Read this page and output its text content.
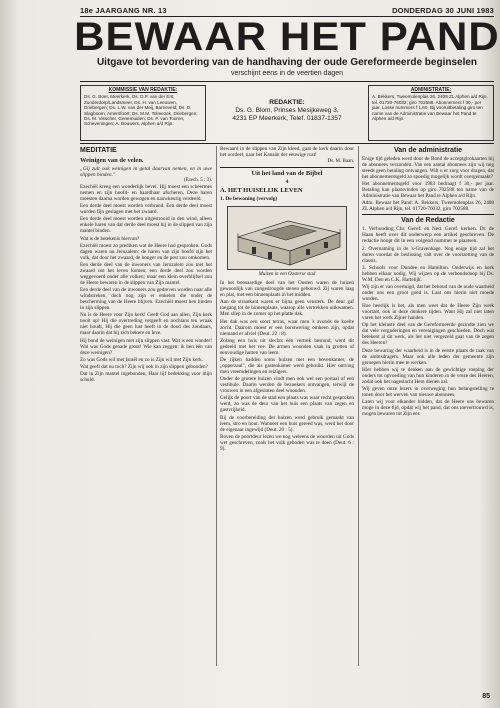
18e JAARGANG NR. 13	DONDERDAG 30 JUNI 1983
BEWAAR HET PAND
Uitgave tot bevordering van de handhaving der oude Gereformeerde beginselen
verschijnt eens in de veertien dagen
KOMMISSIE VAN REDAKTIE:
Ds. G. Boer, Meerkerk, Ds. D.P. van der Ent, Zunderdorp/Landsmeer, Ds. H. van Leeuwen, Driebergen; Ds. L.W. van der Meij, Barneveld; Ds. D. Slagboom, Amersfoort; Ds. M.M. Tolmezek, Driebergen; Ds. M. Visscher, Genemuiden; Ds. P. van Tooren, Scheveningen; A. Bouwers, Alphen a/d Rijn.
REDAKTIE:
Ds. G. Blom, Prinses Mesijkeweg 3,
4231 EP Meerkerk, Telef. 01837-1357
ADMINISTRATIE:
A. Bekkers, Tweemolenplas 26, 2408 ZL Alphen a/d Rijn, tel. 01720-76032; giro 702588. Abonnement f 30,- per jaar. Losse nummers f 1,60. Bij vooruitbetaling giro ten name van de Administratie van Bewaar het Pand te Alphen a/d Rijn.
MEDITATIE
Weinigen van de velen.
„Gij zult ook weinigen in getal daarvan nemen, en in uwe slippen binden."
(Ezech. 5 : 3).

Ezechiël kreeg een wonderlijk bevel. Hij moest een scheermes nemen en zijn hoofd- en baardhaar afscheren. Deze haren moesten daarna worden gewogen en nauwkeurig verdeeld.

Een derde deel moest worden verbrand. Een derde deel moest worden fijn geslagen met het zwaard.

Een derde deel moest worden uitgestrooid in den wind, alleen enkele haren van dat derde deel moest hij in de slippen van zijn mantel binden.

Wat is de betekenis hiervan?

Ezechiël moest zo prediken wat de Heere had gesproken. Gods dagen waren nu Jeruzalem: de haren van zijn hoofd zijn het volk, dat door het zwaard, de honger en de pest zou omkomen.

Een derde deel van de inwoners van Jeruzalem zou met het zwaard om het leven komen; een derde deel zou worden weggevoerd onder alle volken; maar een klein overblijfsel zou de Heere bewaren in de slippen van Zijn mantel.

Een derde deel van de inwoners zou gedreven worden naar alle windstreken, doch nog zijn er enkelen die onder de bescherming van de Heere blijven. Ezechiël moest hen binden in zijn slippen.

Nu is de Heere voor Zijn kerk! Geeft God aan allen, Zijn kerk nooit op! Hij die overtreding vergeeft en nochtans ten wraak niet houdt, Hij die geen lust heeft in de dood des zondaars, maar daarin dat hij zich bekere en leve.

Hij bond de weinigen met zijn slippen vast. Wat is een wonder! Wat was Gods genade groot! Wie kan zeggen: ik ben één van deze weinigen?

Zo was Gods wil met Israël en zo is Zijn wil met Zijn kerk.

Wat geeft dat nu toch? Zijn wij ook in zijn slippen gebonden?

Dat in Zijn mantel ingebonden, Haar lijf bedekking voor mijn schuld.

Bewaard in de slippen van Zijn kleed, gaat de kerk daarin door het oordeel, naar het Kanaän der eeuwige rust!

Ds. M. Baan.
Uit het land van de Bijbel
4
A. HET HUISELIJK LEVEN
1. De bewoning (vervolg)
Muizen in een Oosterse stad

In het boosaardige deel van het Oosten waren de huizen gewoonlijk van zongedroogde stenen gebouwd. Zij waren laag en plat, met een binnenplaats in het midden.

Aan de straatkant waren er bijna geen vensters. De deur gaf toegang tot de binnenplaats, waarop alle vertrekken uitkwamen. Men sliep in de zomer op het platte dak.

Het dak was een soort terras, waar men 's avonds de koelte zocht. Daarom moest er een borstwering omheen zijn, opdat niemand er afviel (Deut. 22 : 8).

Zolang een huis uit slechts één vertrek bestond, werd dit gedeeld met het vee. De armen woonden vaak in grotten of eenvoudige hutten van leem.

De rijken hadden soms huizen met een bovenkamer, de „opperzaal", die als gastenkamer werd gebruikt. Hier ontving men vreemdelingen en reizigers.

Onder de grotere huizen vindt men ook wel een portaal of een vestibule. Daarin werden de bezoekers ontvangen, terwijl de vrouwen in een afgesloten deel woonden.

Gelijk de poort van de stad een plaats was waar recht gesproken werd, zo was de deur van het huis een plaats van zegen en gastvrijheid.

Bij de voorbereiding der huizen werd gebruik gemaakt van leem, stro en hout. Wanneer een huis gereed was, werd het door de eigenaar ingewijd (Deut. 20 : 5).

Boven de poortdeur lezen we nog weleens de woorden uit Gods wet geschreven, zoals het volk geboden was te doen (Deut. 6 : 9).

Van de administratie

Enige tijd geleden werd door de Bond de acceptgirokaarten bij de abonnees verzonden. Van een aantal abonnees zijn wij nog steeds geen betaling ontvangen. Wilt u er zorg voor dragen, dat het abonnementsgeld zo spoedig mogelijk wordt overgemaakt?

Het abonnementsgeld voor 1983 bedraagt f 30,- per jaar. Betaling kan plaatsvinden op giro 702588 ten name van de Administratie van Bewaar het Pand te Alphen a/d Rijn.

Adm. Bewaar het Pand: A. Bekkers, Tweemolenplas 26, 2408 ZL Alphen a/d Rijn, tel. 01720-76032, giro 702588.

Van de Redactie

1. Verhouding Chr. Geref. en Ned. Geref. kerken. Dr. de Haan heeft over dit onderwerp een artikel geschreven. De redactie hoopt dit in een volgend nummer te plaatsen.

2. Overnaming in de 's-Gravenhage. Nog enige tijd zal het duren voordat de beslissing valt over de voortzetting van de classis.

3. Schools voor Dundee en Hamilton. Onderwijs en kerk hebben elkaar nodig. Wij wijzen op de verbondsdoop bij Ds. W.M. Den en C.K. Hartelijk.

Wij zijn er van overtuigd, dat het behoud van de oude waarheid onder ons een groot goed is. Laat ons hierin niet moede worden.

Hoe heerlijk is het, als men weet dat de Heere Zijn werk voortzet, ook in deze donkere tijden. Want Hij zal niet laten varen het werk Zijner handen.

Op het kleinste deel van de Gereformeerde gezindte zien we dat vele vergaderingen en verenigingen geschieden. Doch wat betekent al dit werk, als het niet vergezeld gaat van de zegen des Heeren?

Deze bewaring der waarheid is in de eerste plaats de taak van de ambtsdragers. Maar ook alle leden der gemeente zijn geroepen hierin mee te werken.

Hier hebben wij te denken aan de gewichtige roeping der ouders tot opvoeding van hun kinderen in de vreze des Heeren, zodat ook het nageslacht Hem dienen zal.

Wij geven onze lezers in overweging hun belangstelling te tonen door het werven van nieuwe abonnees.

Laten wij voor elkander bidden, dat de Heere ons bewaren moge in deze tijd, opdat wij het pand, dat ons toevertrouwd is, mogen bewaren tot Zijn eer.

85
